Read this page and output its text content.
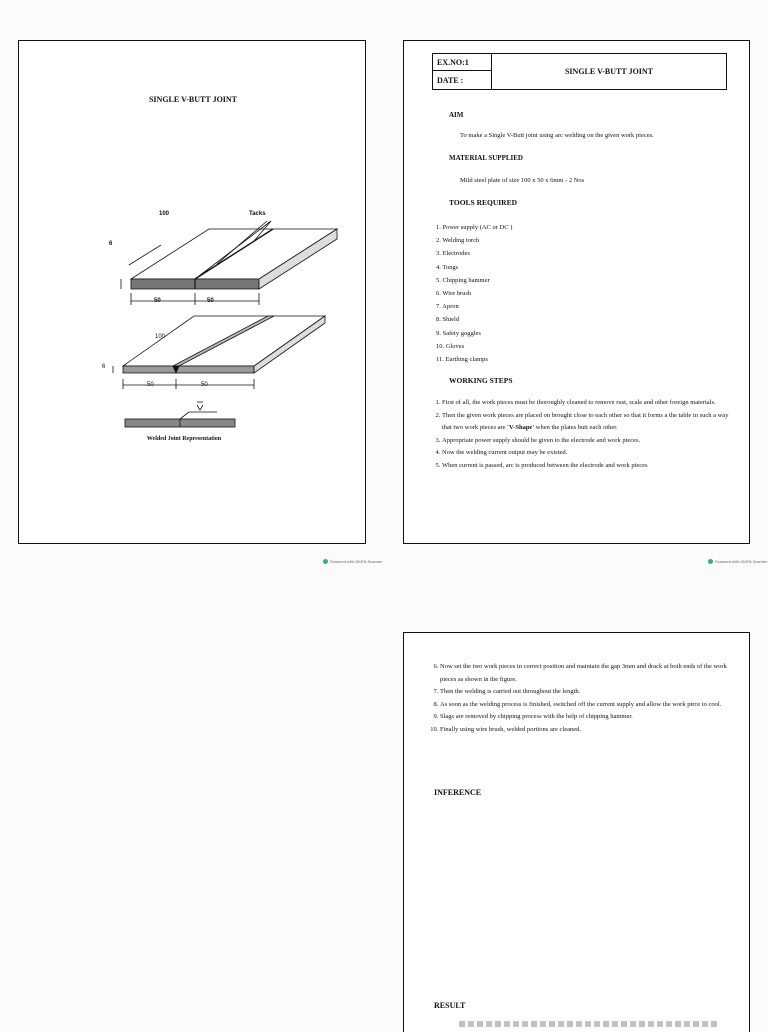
SINGLE V-BUTT JOINT
Tacks
100
6
50	50
100
6
50	50
Welded Joint Representation
Scanned with OKEN Scanner
EX.NO:1	SINGLE V-BUTT JOINT
DATE :
AIM
To make a Single V-Butt joint using arc welding on the given work pieces.
MATERIAL SUPPLIED
Mild steel plate of size 100 x 50 x 6mm - 2 Nos
TOOLS REQUIRED
1. Power supply (AC or DC )
2. Welding torch
3. Electrodes
4. Tongs
5. Chipping hammer
6. Wire brush
7. Apron
8. Shield
9. Safety goggles
10. Gloves
11. Earthing clamps
WORKING STEPS
1. First of all, the work pieces must be thoroughly cleaned to remove rust, scale and other foreign materials.
2. Then the given work pieces are placed on brought close to each other so that it forms a the table in such a way that two work pieces are 'V-Shape' when the plates butt each other.
3. Appropriate power supply should be given to the electrode and work pieces.
4. Now the welding current output may be existed.
5. When current is passed, arc is produced between the electrode and work pieces
Scanned with OKEN Scanner
6. Now set the two work pieces in correct position and maintain the gap 3mm and drack at both ends of the work pieces as shown in the figure.
7. Then the welding is carried out throughout the length.
8. As soon as the welding process is finished, switched off the current supply and allow the work pirce to cool.
9. Slags are removed by chipping process with the help of chipping hammer.
10. Finally using wire brush, welded portions are cleaned.
INFERENCE
RESULT
